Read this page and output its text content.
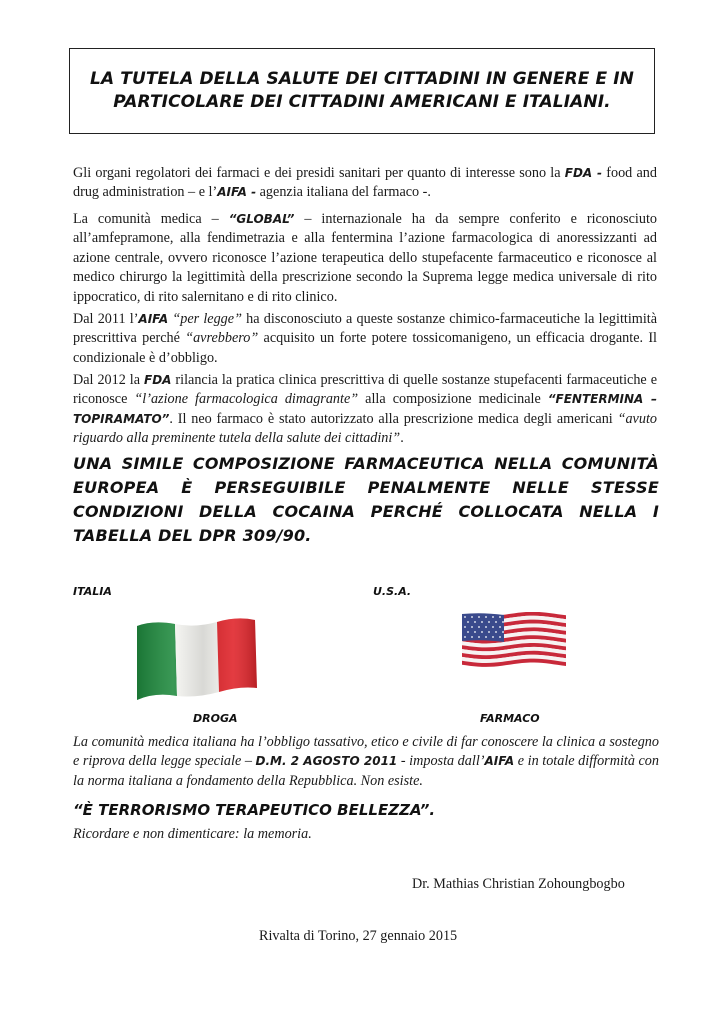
LA TUTELA DELLA SALUTE DEI CITTADINI IN GENERE E IN
PARTICOLARE DEI CITTADINI AMERICANI E ITALIANI.

Gli organi regolatori dei farmaci e dei presidi sanitari per quanto di interesse sono la FDA - food and drug administration – e l’AIFA - agenzia italiana del farmaco -.

La comunità medica – “GLOBAL” – internazionale ha da sempre conferito e riconosciuto all’amfepramone, alla fendimetrazia e alla fentermina l’azione farmacologica di anoressizzanti ad azione centrale, ovvero riconosce l’azione terapeutica dello stupefacente farmaceutico e riconosce al medico chirurgo la legittimità della prescrizione secondo la Suprema legge medica universale di rito ippocratico, di rito salernitano e di rito clinico.

Dal 2011 l’AIFA “per legge” ha disconosciuto a queste sostanze chimico-farmaceutiche la legittimità prescrittiva perché “avrebbero” acquisito un forte potere tossicomanigeno, un efficacia drogante. Il condizionale è d’obbligo.

Dal 2012 la FDA rilancia la pratica clinica prescrittiva di quelle sostanze stupefacenti farmaceutiche e riconosce “l’azione farmacologica dimagrante” alla composizione medicinale “FENTERMINA – TOPIRAMATO”. Il neo farmaco è stato autorizzato alla prescrizione medica degli americani “avuto riguardo alla preminente tutela della salute dei cittadini”.

UNA SIMILE COMPOSIZIONE FARMACEUTICA NELLA COMUNITÀ EUROPEA È PERSEGUIBILE PENALMENTE NELLE STESSE CONDIZIONI DELLA COCAINA PERCHÉ COLLOCATA NELLA I TABELLA DEL DPR 309/90.

ITALIA	U.S.A.
DROGA	FARMACO

La comunità medica italiana ha l’obbligo tassativo, etico e civile di far conoscere la clinica a sostegno e riprova della legge speciale – D.M. 2 AGOSTO 2011 - imposta dall’AIFA e in totale difformità con la norma italiana a fondamento della Repubblica. Non esiste.

“È TERRORISMO TERAPEUTICO BELLEZZA”.
Ricordare e non dimenticare: la memoria.
Dr. Mathias Christian Zohoungbogbo
Rivalta di Torino, 27 gennaio 2015
